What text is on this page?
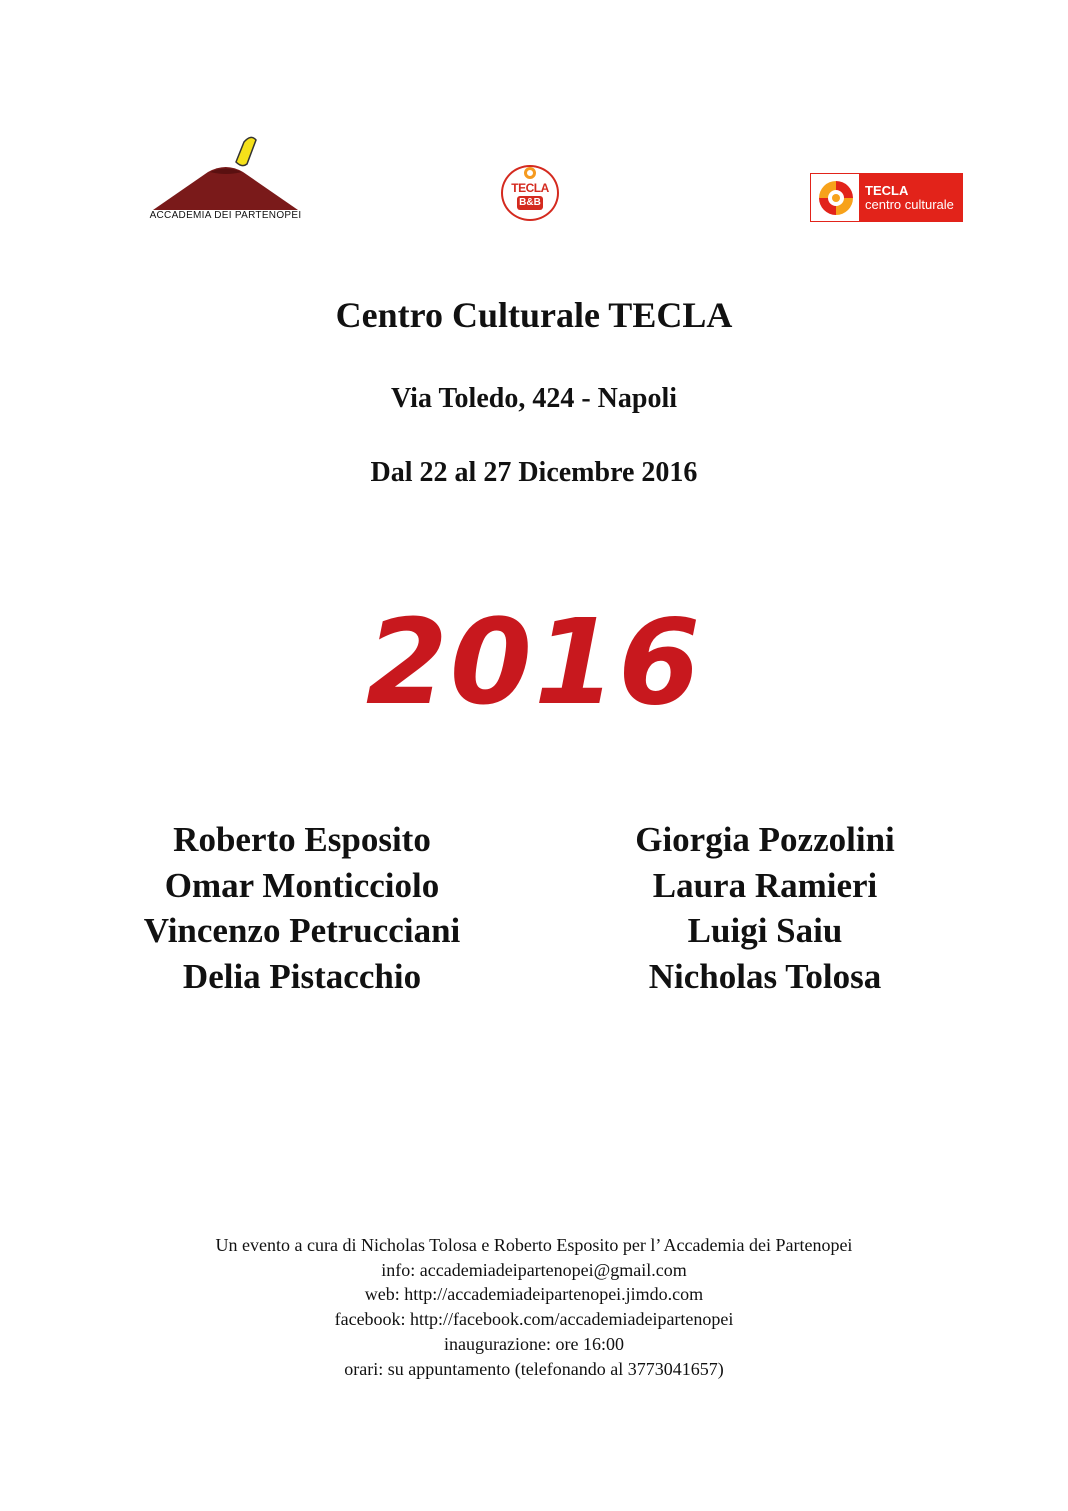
ACCADEMIA DEI PARTENOPEI
TECLA
B&B
TECLA
centro culturale
Centro Culturale TECLA
Via Toledo, 424 - Napoli
Dal 22 al 27 Dicembre 2016
2016
Roberto Esposito
Omar Monticciolo
Vincenzo Petrucciani
Delia Pistacchio
Giorgia Pozzolini
Laura Ramieri
Luigi Saiu
Nicholas Tolosa
Un evento a cura di Nicholas Tolosa e Roberto Esposito per l’ Accademia dei Partenopei
info: accademiadeipartenopei@gmail.com
web: http://accademiadeipartenopei.jimdo.com
facebook: http://facebook.com/accademiadeipartenopei
inaugurazione: ore 16:00
orari: su appuntamento (telefonando al 3773041657)
